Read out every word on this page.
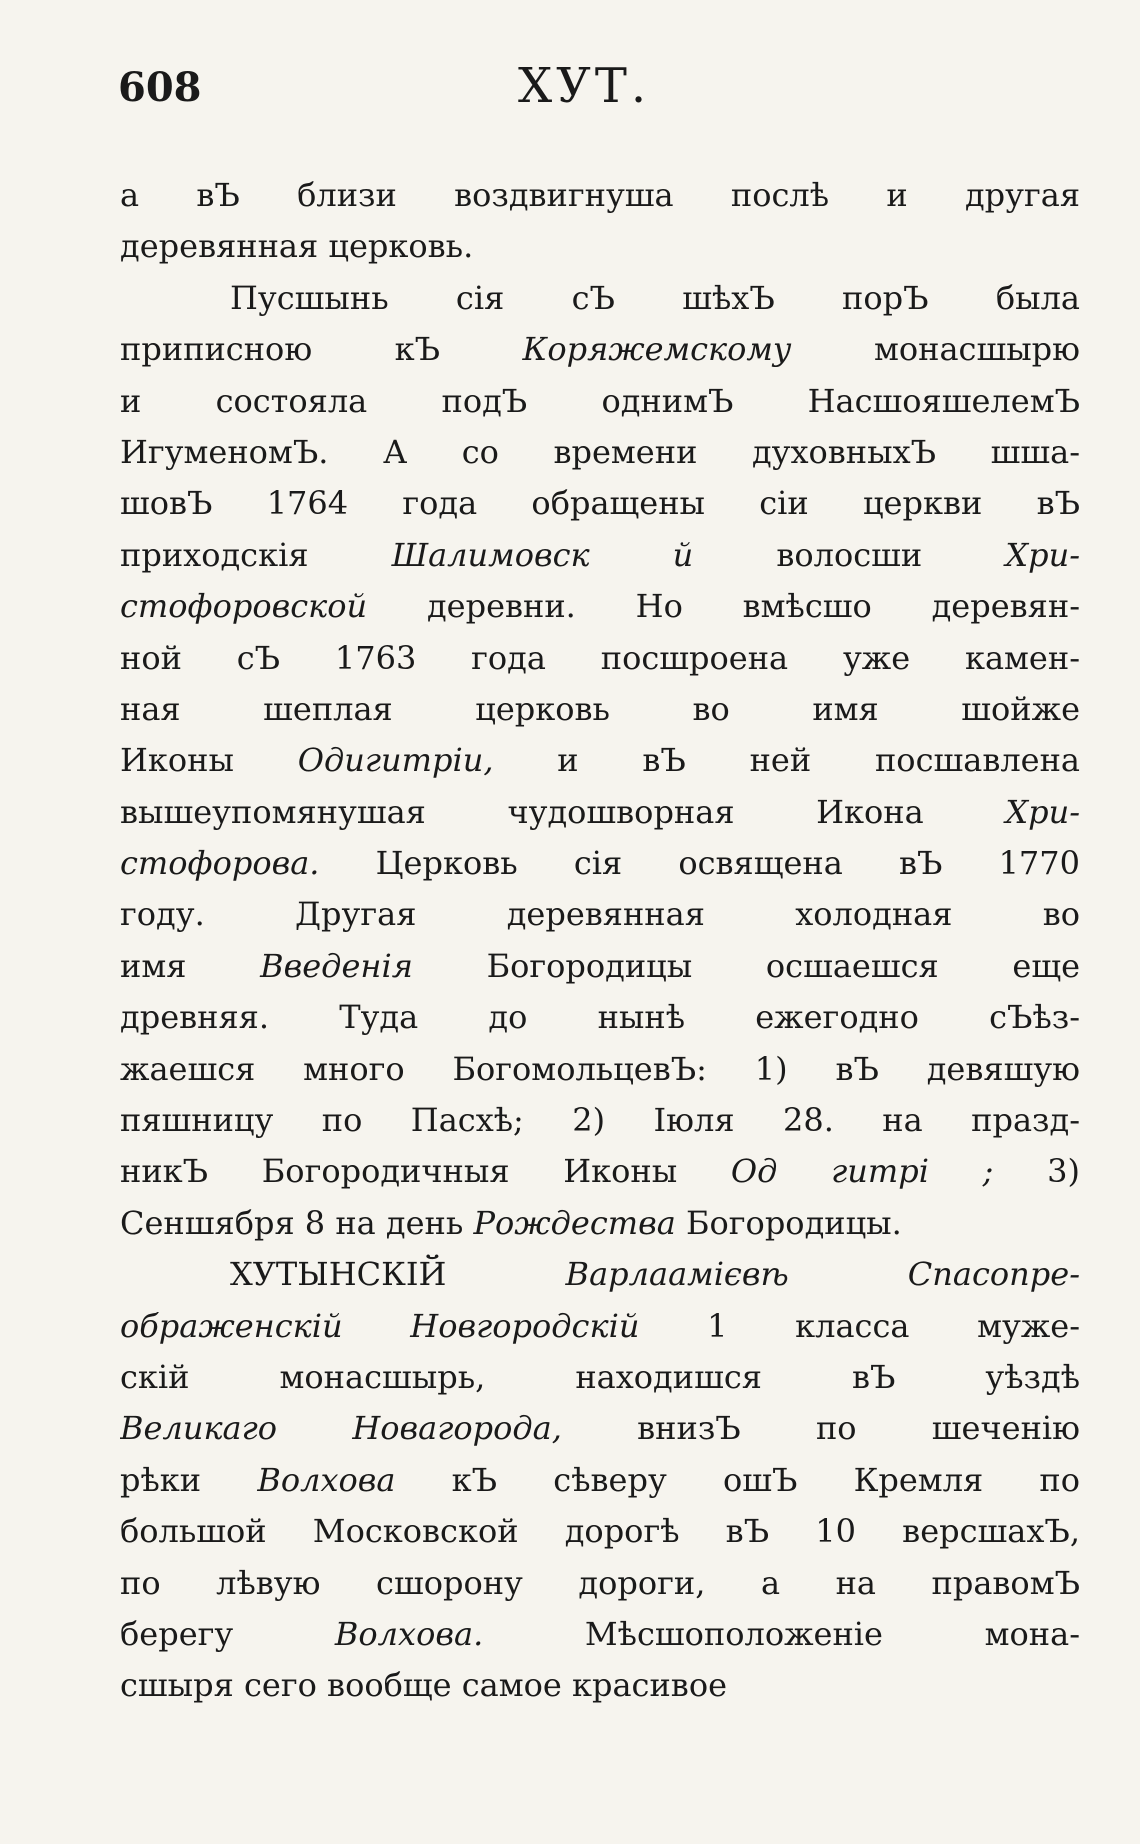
608	ХУТ.
а вЪ близи воздвигнуша послѣ и другая
деревянная церковь.
Пусшынь сія сЪ шѣхЪ порЪ была
приписною кЪ Коряжемскому монасшырю
и состояла подЪ однимЪ НасшояшелемЪ
ИгуменомЪ. А со времени духовныхЪ шша-
шовЪ 1764 года обращены сіи церкви вЪ
приходскія Шалимовск й волосши Хри-
стофоровской деревни. Но вмѣсшо деревян-
ной сЪ 1763 года посшроена уже камен-
ная шеплая церковь во имя шойже
Иконы Одигитріи, и вЪ ней посшавлена
вышеупомянушая чудошворная Икона Хри-
стофорова. Церковь сія освящена вЪ 1770
году. Другая деревянная холодная во
имя Введенія Богородицы осшаешся еще
древняя. Туда до нынѣ ежегодно сЪѣз-
жаешся много БогомольцевЪ: 1) вЪ девяшую
пяшницу по Пасхѣ; 2) Іюля 28. на празд-
никЪ Богородичныя Иконы Од гитрі ; 3)
Сеншября 8 на день Рождества Богородицы.
ХУТЫНСКІЙ Варлаамієвѣ Спасопре-
ображенскій Новгородскій 1 класса муже-
скій монасшырь, находишся вЪ уѣздѣ
Великаго Новагорода, внизЪ по шеченію
рѣки Волхова кЪ сѣверу ошЪ Кремля по
большой Московской дорогѣ вЪ 10 версшахЪ,
по лѣвую сшорону дороги, а на правомЪ
берегу Волхова. Мѣсшоположеніе мона-
сшыря сего вообще самое красивое
